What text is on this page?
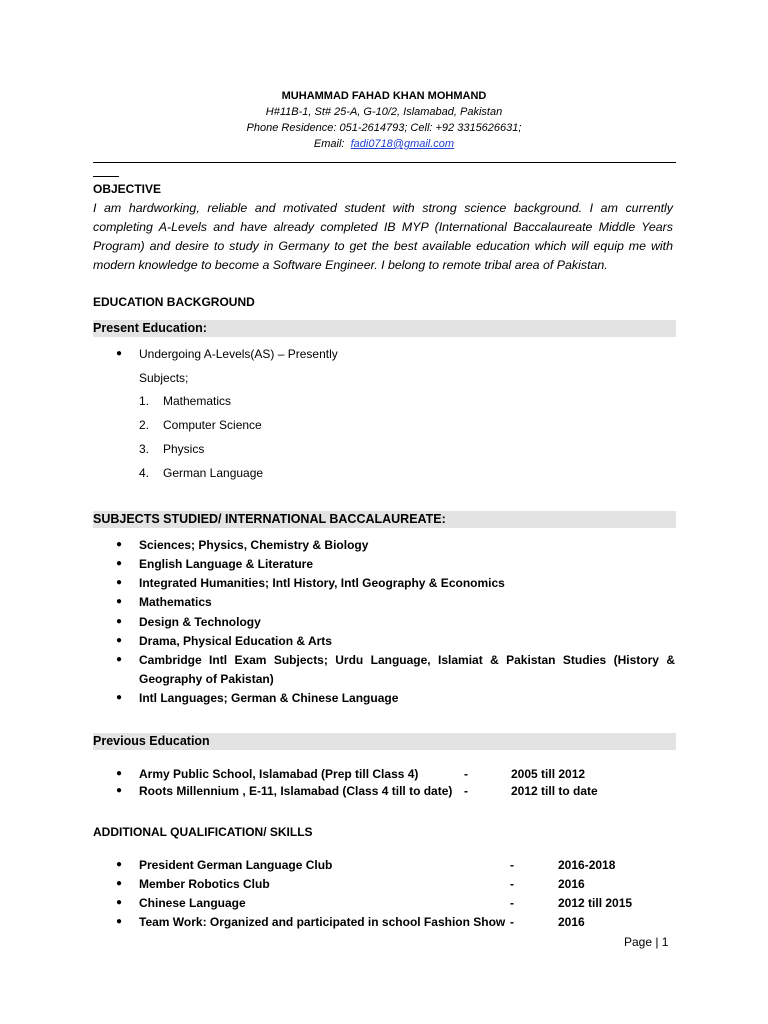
MUHAMMAD FAHAD KHAN MOHMAND
H#11B-1, St# 25-A, G-10/2, Islamabad, Pakistan
Phone Residence: 051-2614793; Cell: +92 3315626631;
Email: fadi0718@gmail.com
OBJECTIVE
I am hardworking, reliable and motivated student with strong science background. I am currently completing A-Levels and have already completed IB MYP (International Baccalaureate Middle Years Program) and desire to study in Germany to get the best available education which will equip me with modern knowledge to become a Software Engineer. I belong to remote tribal area of Pakistan.
EDUCATION BACKGROUND
Present Education:
● Undergoing A-Levels(AS) – Presently
Subjects;
1. Mathematics
2. Computer Science
3. Physics
4. German Language
SUBJECTS STUDIED/ INTERNATIONAL BACCALAUREATE:
● Sciences; Physics, Chemistry & Biology
● English Language & Literature
● Integrated Humanities; Intl History, Intl Geography & Economics
● Mathematics
● Design & Technology
● Drama, Physical Education & Arts
● Cambridge Intl Exam Subjects; Urdu Language, Islamiat & Pakistan Studies (History &
Geography of Pakistan)
● Intl Languages; German & Chinese Language
Previous Education
● Army Public School, Islamabad (Prep till Class 4)	-	2005 till 2012
● Roots Millennium , E-11, Islamabad (Class 4 till to date) -	2012 till to date
ADDITIONAL QUALIFICATION/ SKILLS
● President German Language Club	-	2016-2018
● Member Robotics Club	-	2016
● Chinese Language	-	2012 till 2015
● Team Work: Organized and participated in school Fashion Show -	2016
Page | 1
